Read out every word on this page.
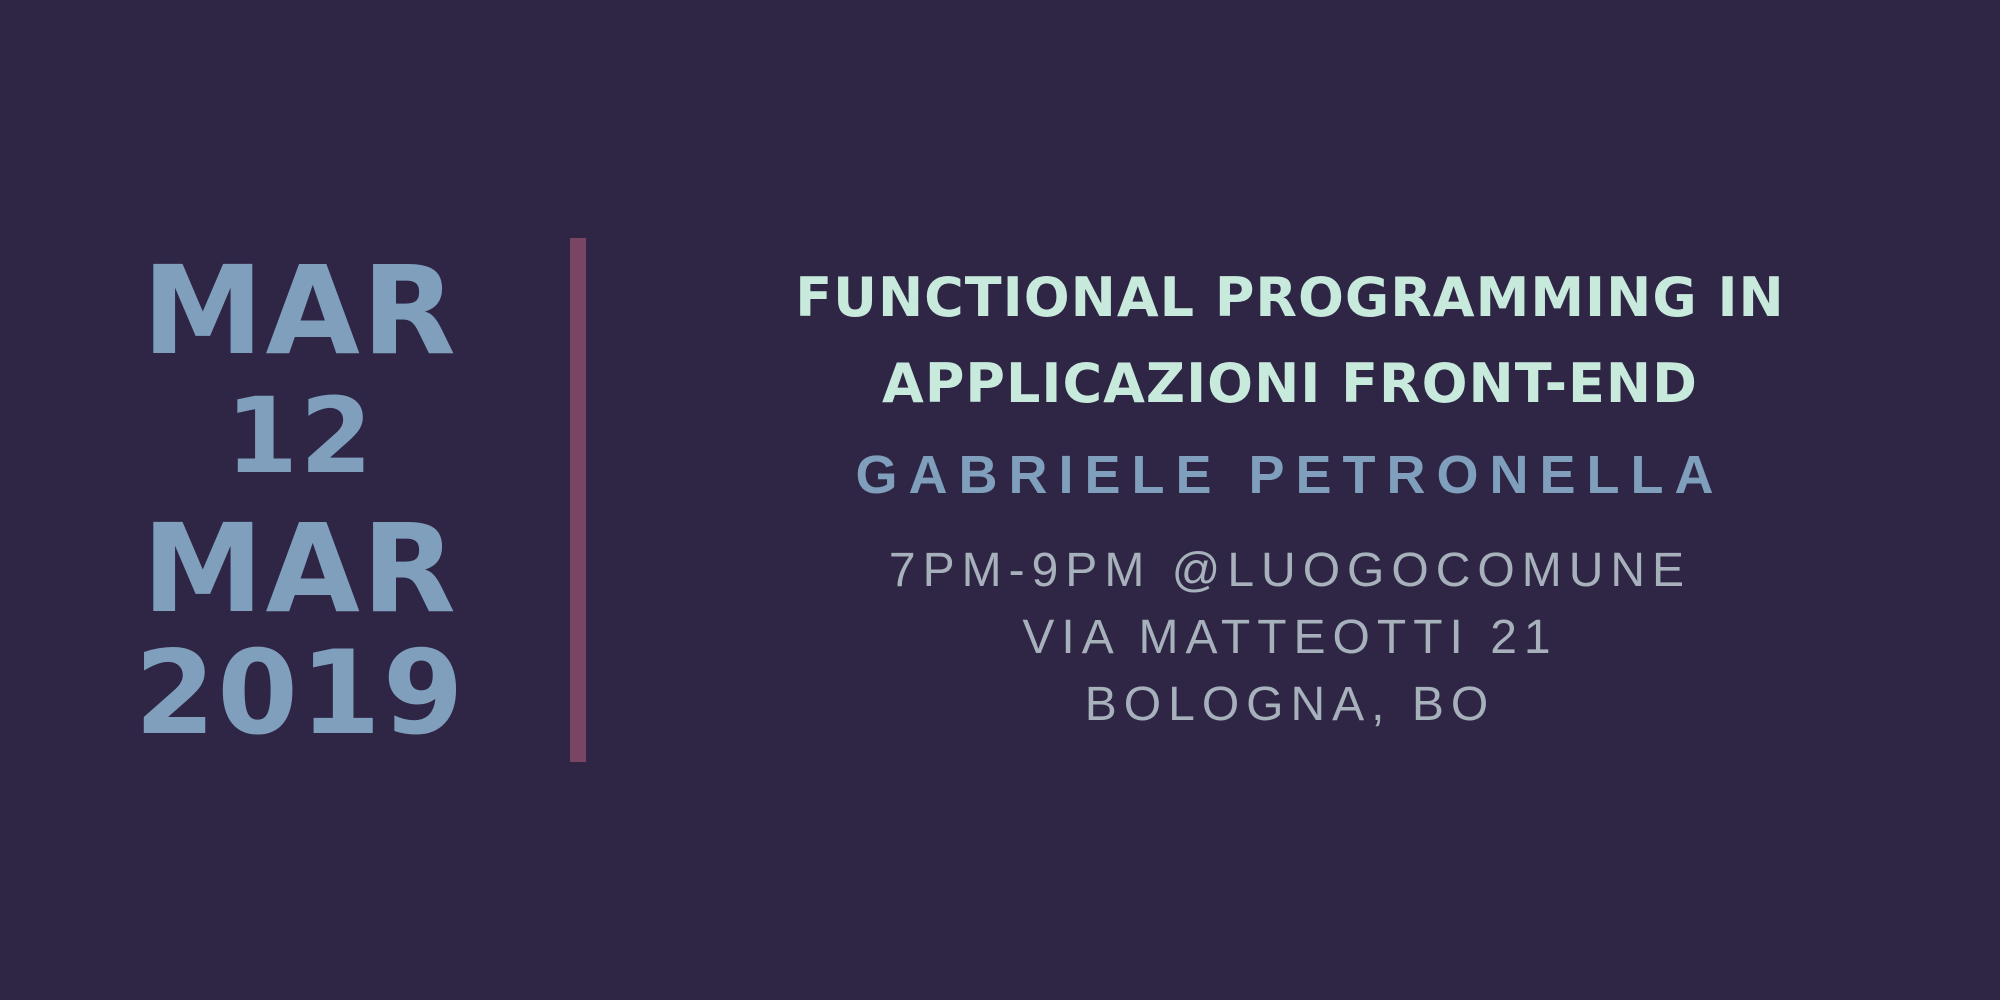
MAR
12
MAR
2019
FUNCTIONAL PROGRAMMING IN
APPLICAZIONI FRONT-END
GABRIELE PETRONELLA
7PM-9PM @LUOGOCOMUNE
VIA MATTEOTTI 21
BOLOGNA, BO
